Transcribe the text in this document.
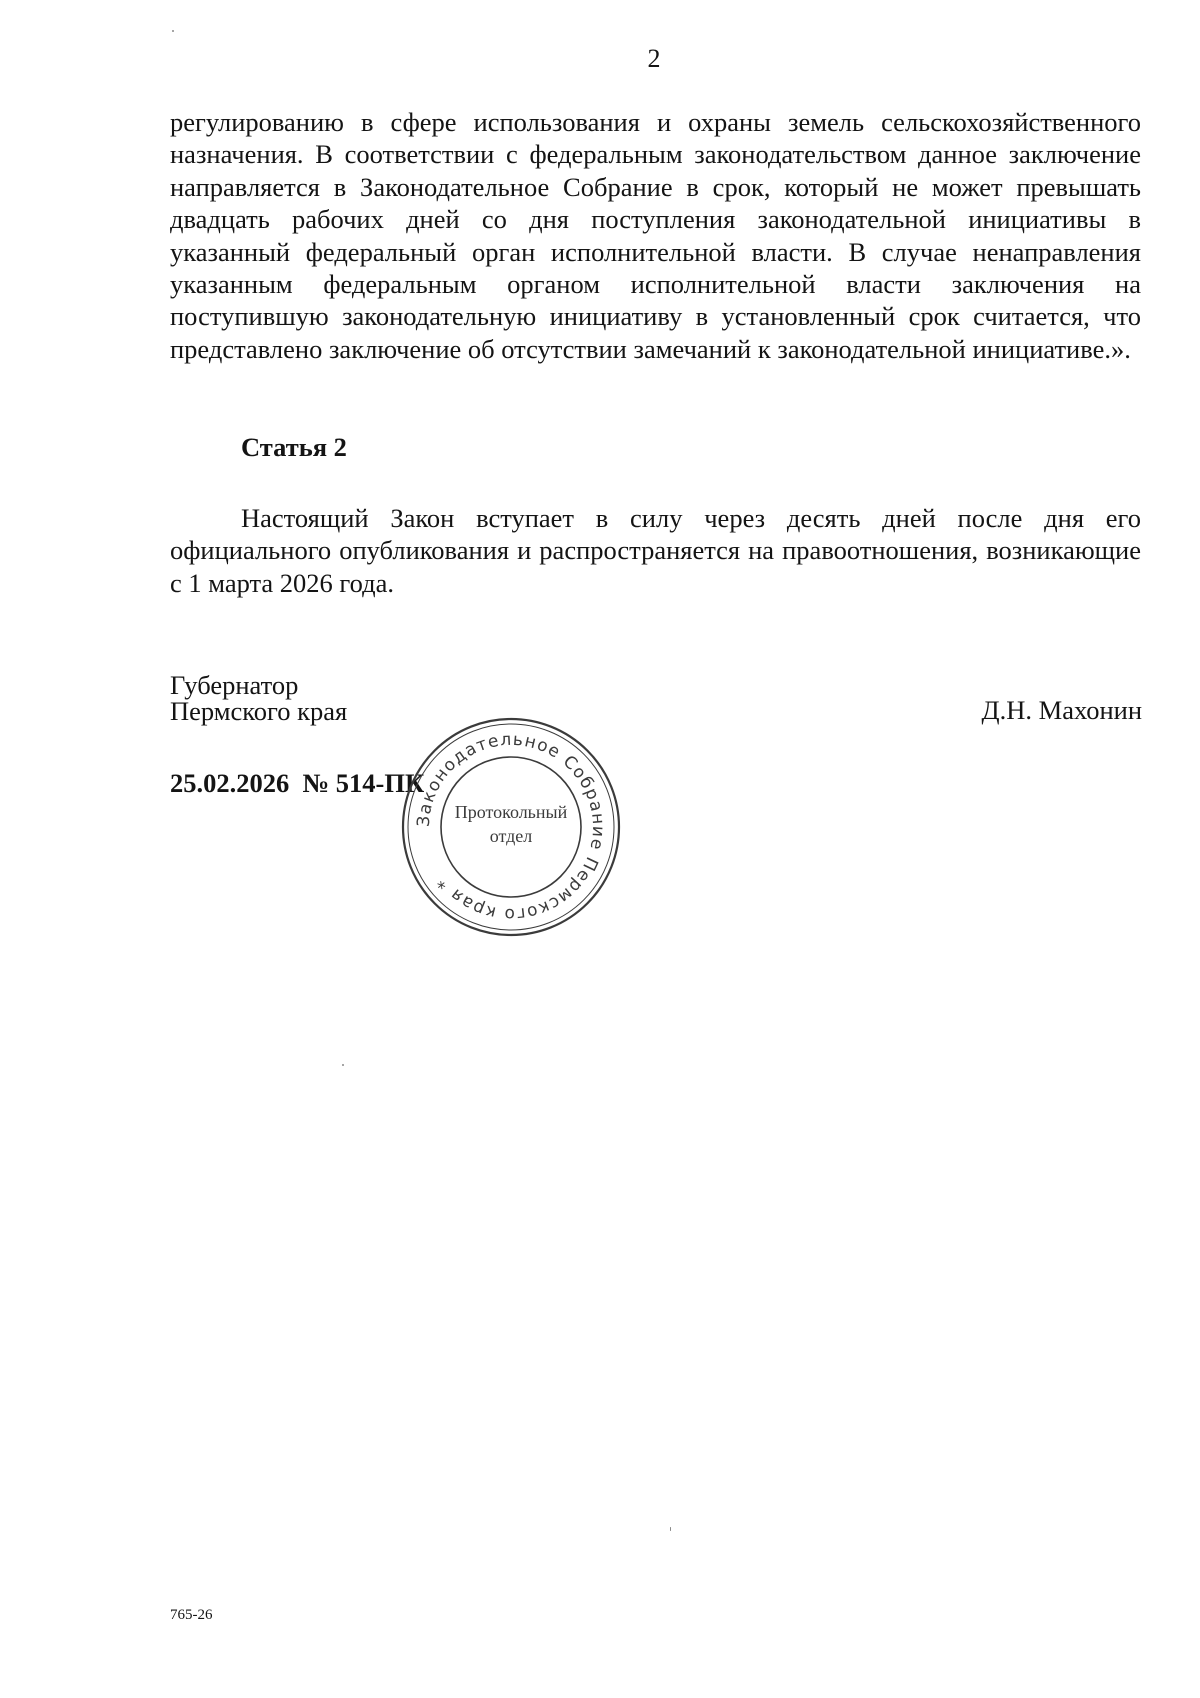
2
регулированию в сфере использования и охраны земель сельскохозяйственного назначения. В соответствии с федеральным законодательством данное заключение направляется в Законодательное Собрание в срок, который не может превышать двадцать рабочих дней со дня поступления законодательной инициативы в указанный федеральный орган исполнительной власти. В случае ненаправления указанным федеральным органом исполнительной власти заключения на поступившую законодательную инициативу в установленный срок считается, что представлено заключение об отсутствии замечаний к законодательной инициативе.».
Статья 2
Настоящий Закон вступает в силу через десять дней после дня его официального опубликования и распространяется на правоотношения, возникающие с 1 марта 2026 года.
Губернатор
Пермского края	Д.Н. Махонин
25.02.2026  № 514-ПК
Законодательное Собрание Пермского края *
Протокольный
отдел
765-26
